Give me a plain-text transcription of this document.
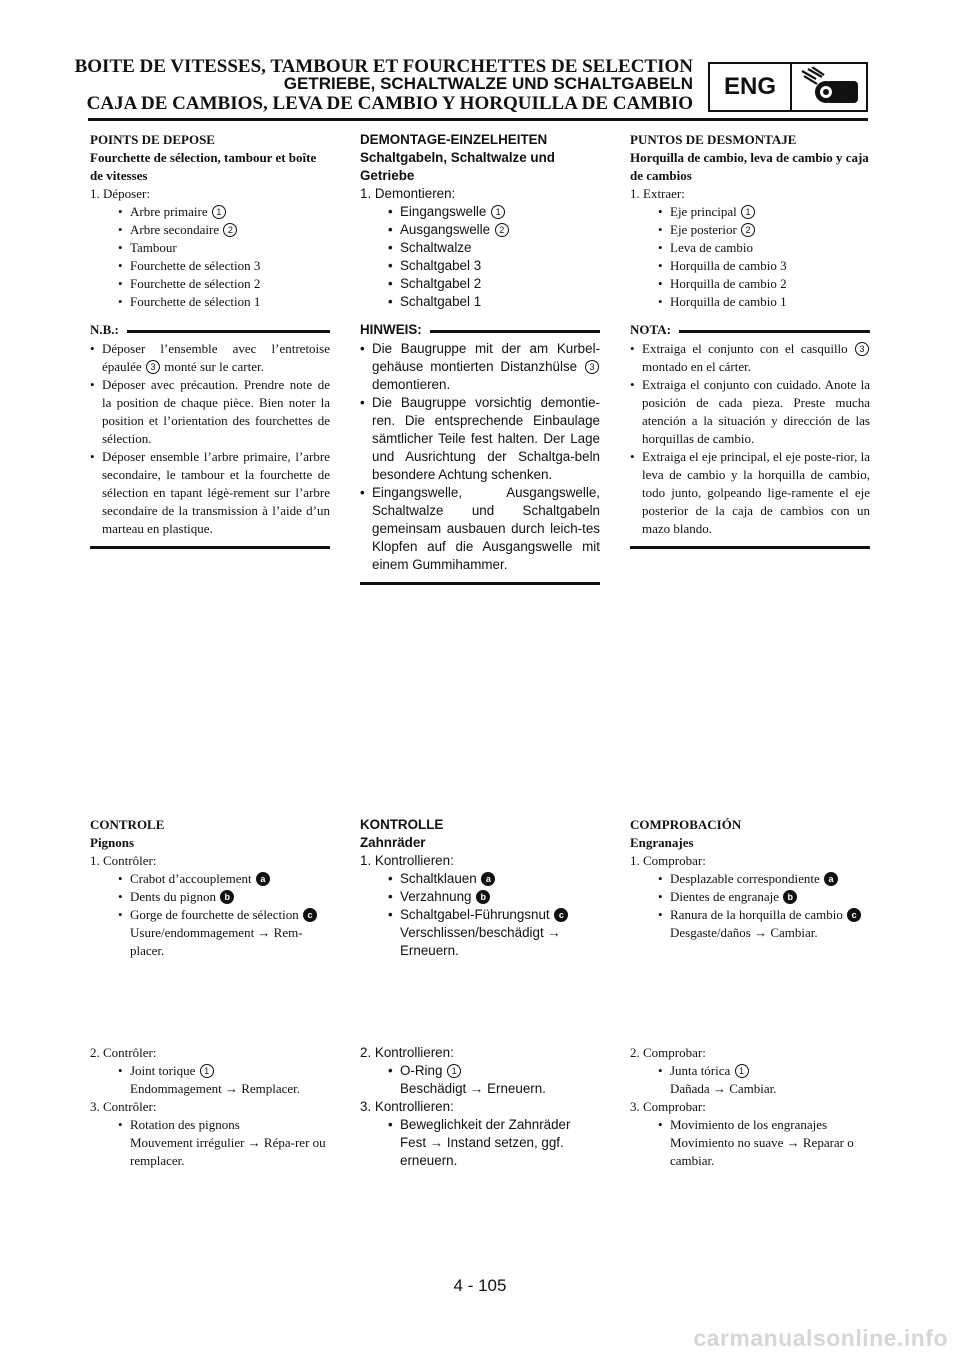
BOITE DE VITESSES, TAMBOUR ET FOURCHETTES DE SELECTION
GETRIEBE, SCHALTWALZE UND SCHALTGABELN
CAJA DE CAMBIOS, LEVA DE CAMBIO Y HORQUILLA DE CAMBIO
ENG
POINTS DE DEPOSE
Fourchette de sélection, tambour et boîte de vitesses
1. Déposer:
• Arbre primaire 1
• Arbre secondaire 2
• Tambour
• Fourchette de sélection 3
• Fourchette de sélection 2
• Fourchette de sélection 1
N.B.:
• Déposer l’ensemble avec l’entretoise épaulée 3 monté sur le carter.
• Déposer avec précaution. Prendre note de la position de chaque pièce. Bien noter la position et l’orientation des fourchettes de sélection.
• Déposer ensemble l’arbre primaire, l’arbre secondaire, le tambour et la fourchette de sélection en tapant légè-rement sur l’arbre secondaire de la transmission à l’aide d’un marteau en plastique.
DEMONTAGE-EINZELHEITEN
Schaltgabeln, Schaltwalze und Getriebe
1. Demontieren:
• Eingangswelle 1
• Ausgangswelle 2
• Schaltwalze
• Schaltgabel 3
• Schaltgabel 2
• Schaltgabel 1
HINWEIS:
• Die Baugruppe mit der am Kurbel-gehäuse montierten Distanzhülse 3 demontieren.
• Die Baugruppe vorsichtig demontie-ren. Die entsprechende Einbaulage sämtlicher Teile fest halten. Der Lage und Ausrichtung der Schaltga-beln besondere Achtung schenken.
• Eingangswelle, Ausgangswelle, Schaltwalze und Schaltgabeln gemeinsam ausbauen durch leich-tes Klopfen auf die Ausgangswelle mit einem Gummihammer.
PUNTOS DE DESMONTAJE
Horquilla de cambio, leva de cambio y caja de cambios
1. Extraer:
• Eje principal 1
• Eje posterior 2
• Leva de cambio
• Horquilla de cambio 3
• Horquilla de cambio 2
• Horquilla de cambio 1
NOTA:
• Extraiga el conjunto con el casquillo 3 montado en el cárter.
• Extraiga el conjunto con cuidado. Anote la posición de cada pieza. Preste mucha atención a la situación y dirección de las horquillas de cambio.
• Extraiga el eje principal, el eje poste-rior, la leva de cambio y la horquilla de cambio, todo junto, golpeando lige-ramente el eje posterior de la caja de cambios con un mazo blando.
CONTROLE
Pignons
1. Contrôler:
• Crabot d’accouplement a
• Dents du pignon b
• Gorge de fourchette de sélection c
Usure/endommagement → Rem-placer.
KONTROLLE
Zahnräder
1. Kontrollieren:
• Schaltklauen a
• Verzahnung b
• Schaltgabel-Führungsnut c
Verschlissen/beschädigt → Erneuern.
COMPROBACIÓN
Engranajes
1. Comprobar:
• Desplazable correspondiente a
• Dientes de engranaje b
• Ranura de la horquilla de cambio c
Desgaste/daños → Cambiar.
2. Contrôler:
• Joint torique 1
Endommagement → Remplacer.
3. Contrôler:
• Rotation des pignons
Mouvement irrégulier → Répa-rer ou remplacer.
2. Kontrollieren:
• O-Ring 1
Beschädigt → Erneuern.
3. Kontrollieren:
• Beweglichkeit der Zahnräder
Fest → Instand setzen, ggf. erneuern.
2. Comprobar:
• Junta tórica 1
Dañada → Cambiar.
3. Comprobar:
• Movimiento de los engranajes
Movimiento no suave → Reparar o cambiar.
4 - 105
carmanualsonline.info
